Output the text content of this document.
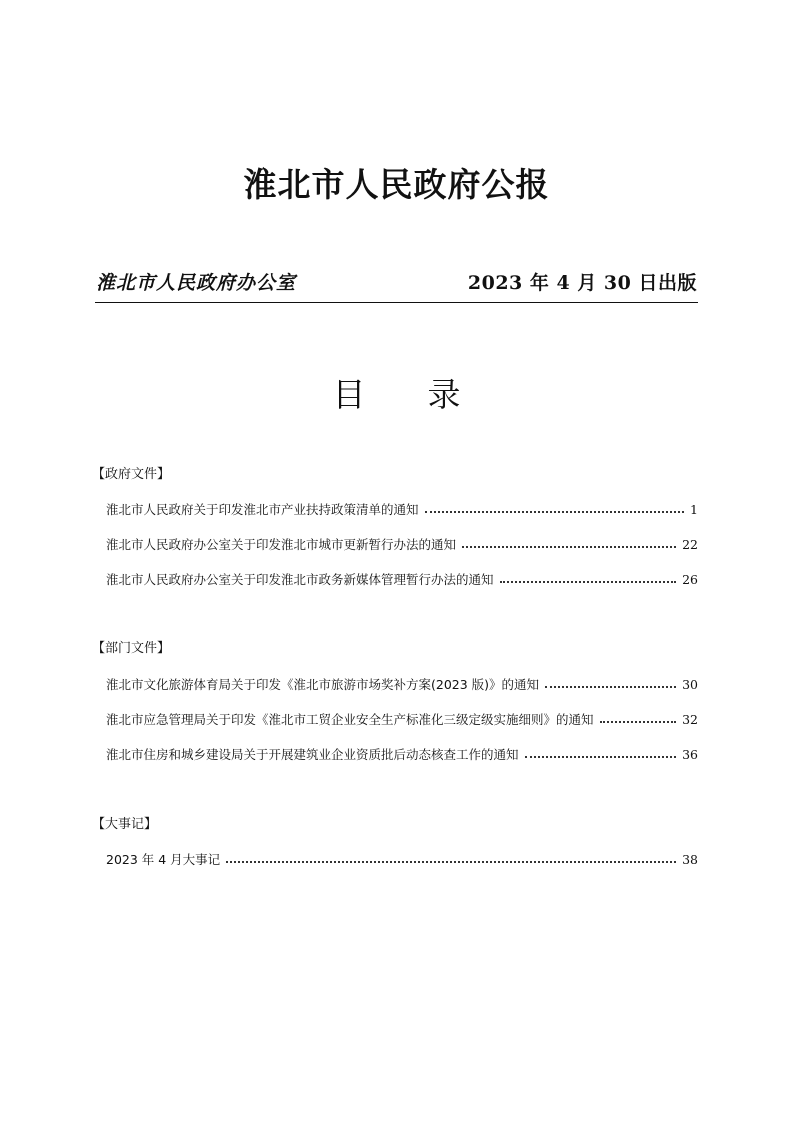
淮北市人民政府公报
淮北市人民政府办公室	2023 年 4 月 30 日出版
目 录
【政府文件】
淮北市人民政府关于印发淮北市产业扶持政策清单的通知	1
淮北市人民政府办公室关于印发淮北市城市更新暂行办法的通知	22
淮北市人民政府办公室关于印发淮北市政务新媒体管理暂行办法的通知	26
【部门文件】
淮北市文化旅游体育局关于印发《淮北市旅游市场奖补方案(2023 版)》的通知	30
淮北市应急管理局关于印发《淮北市工贸企业安全生产标准化三级定级实施细则》的通知	32
淮北市住房和城乡建设局关于开展建筑业企业资质批后动态核查工作的通知	36
【大事记】
2023 年 4 月大事记	38
